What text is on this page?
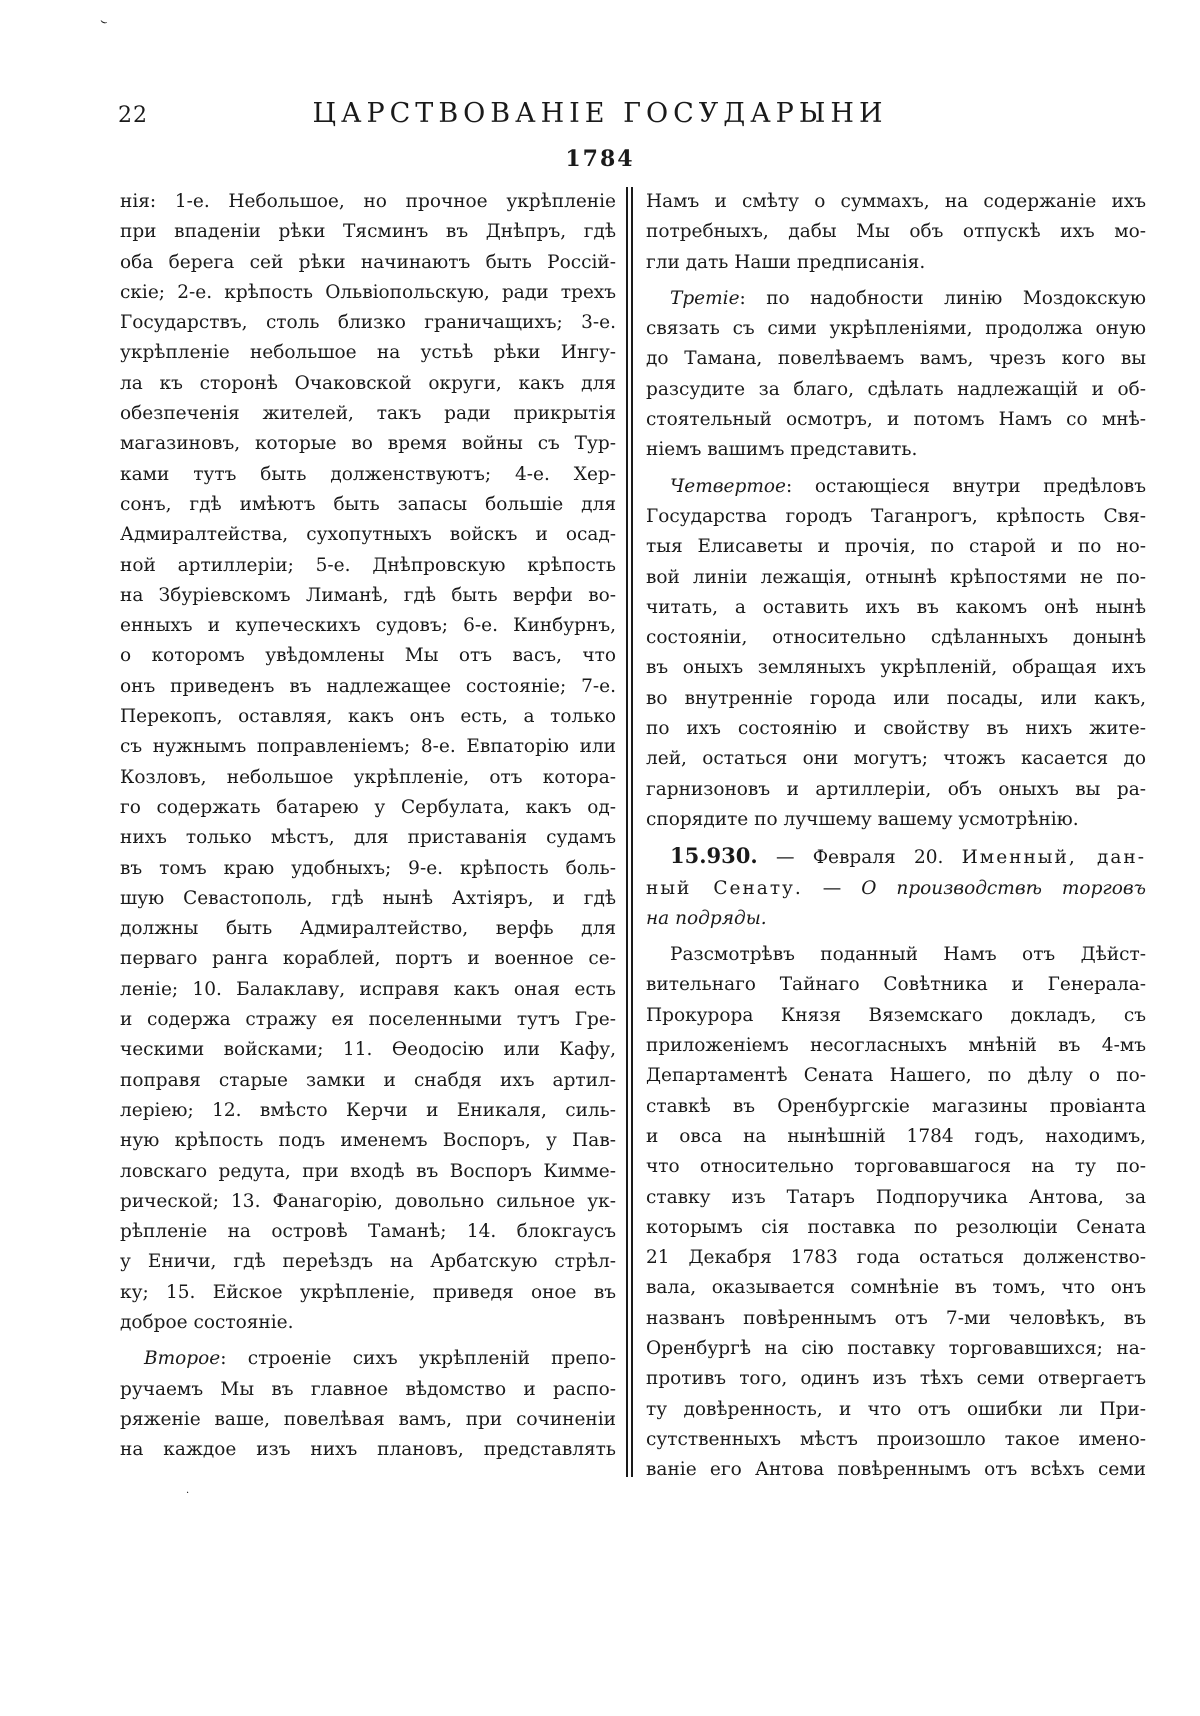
⌣
22	ЦАРСТВОВАНІЕ ГОСУДАРЫНИ
1784
нія: 1-е. Небольшое, но прочное укрѣпленіе
при впаденіи рѣки Тясминъ въ Днѣпръ, гдѣ
оба берега сей рѣки начинаютъ быть Россій-
скіе; 2-е. крѣпость Ольвіопольскую, ради трехъ
Государствъ, столь близко граничащихъ; 3-е.
укрѣпленіе небольшое на устьѣ рѣки Ингу-
ла къ сторонѣ Очаковской округи, какъ для
обезпеченія жителей, такъ ради прикрытія
магазиновъ, которые во время войны съ Тур-
ками тутъ быть долженствуютъ; 4-е. Хер-
сонъ, гдѣ имѣютъ быть запасы большіе для
Адмиралтейства, сухопутныхъ войскъ и осад-
ной артиллеріи; 5-е. Днѣпровскую крѣпость
на Збуріевскомъ Лиманѣ, гдѣ быть верфи во-
енныхъ и купеческихъ судовъ; 6-е. Кинбурнъ,
о которомъ увѣдомлены Мы отъ васъ, что
онъ приведенъ въ надлежащее состояніе; 7-е.
Перекопъ, оставляя, какъ онъ есть, а только
съ нужнымъ поправленіемъ; 8-е. Евпаторію или
Козловъ, небольшое укрѣпленіе, отъ котора-
го содержать батарею у Сербулата, какъ од-
нихъ только мѣстъ, для приставанія судамъ
въ томъ краю удобныхъ; 9-е. крѣпость боль-
шую Севастополь, гдѣ нынѣ Ахтіяръ, и гдѣ
должны быть Адмиралтейство, верфь для
перваго ранга кораблей, портъ и военное се-
леніе; 10. Балаклаву, исправя какъ оная есть
и содержа стражу ея поселенными тутъ Гре-
ческими войсками; 11. Ѳеодосію или Кафу,
поправя старые замки и снабдя ихъ артил-
леріею; 12. вмѣсто Керчи и Еникаля, силь-
ную крѣпость подъ именемъ Воспоръ, у Пав-
ловскаго редута, при входѣ въ Воспоръ Кимме-
рической; 13. Фанагорію, довольно сильное ук-
рѣпленіе на островѣ Таманѣ; 14. блокгаусъ
у Еничи, гдѣ переѣздъ на Арбатскую стрѣл-
ку; 15. Ейское укрѣпленіе, приведя оное въ
доброе состояніе.
Второе: строеніе сихъ укрѣпленій препо-
ручаемъ Мы въ главное вѣдомство и распо-
ряженіе ваше, повелѣвая вамъ, при сочиненіи
на каждое изъ нихъ плановъ, представлять
Намъ и смѣту о суммахъ, на содержаніе ихъ
потребныхъ, дабы Мы объ отпускѣ ихъ мо-
гли дать Наши предписанія.
Третіе: по надобности линію Моздокскую
связать съ сими укрѣпленіями, продолжа оную
до Тамана, повелѣваемъ вамъ, чрезъ кого вы
разсудите за благо, сдѣлать надлежащій и об-
стоятельный осмотръ, и потомъ Намъ со мнѣ-
ніемъ вашимъ представить.
Четвертое: остающіеся внутри предѣловъ
Государства городъ Таганрогъ, крѣпость Свя-
тыя Елисаветы и прочія, по старой и по но-
вой линіи лежащія, отнынѣ крѣпостями не по-
читать, а оставить ихъ въ какомъ онѣ нынѣ
состояніи, относительно сдѣланныхъ донынѣ
въ оныхъ земляныхъ укрѣпленій, обращая ихъ
во внутренніе города или посады, или какъ,
по ихъ состоянію и свойству въ нихъ жите-
лей, остаться они могутъ; чтожъ касается до
гарнизоновъ и артиллеріи, объ оныхъ вы ра-
спорядите по лучшему вашему усмотрѣнію.
15.930. — Февраля 20. Именный, дан-
ный Сенату. — О производствѣ торговъ
на подряды.
Разсмотрѣвъ поданный Намъ отъ Дѣйст-
вительнаго Тайнаго Совѣтника и Генерала-
Прокурора Князя Вяземскаго докладъ, съ
приложеніемъ несогласныхъ мнѣній въ 4-мъ
Департаментѣ Сената Нашего, по дѣлу о по-
ставкѣ въ Оренбургскіе магазины провіанта
и овса на нынѣшній 1784 годъ, находимъ,
что относительно торговавшагося на ту по-
ставку изъ Татаръ Подпоручика Антова, за
которымъ сія поставка по резолюціи Сената
21 Декабря 1783 года остаться долженство-
вала, оказывается сомнѣніе въ томъ, что онъ
названъ повѣреннымъ отъ 7-ми человѣкъ, въ
Оренбургѣ на сію поставку торговавшихся; на-
противъ того, одинъ изъ тѣхъ семи отвергаетъ
ту довѣренность, и что отъ ошибки ли При-
сутственныхъ мѣстъ произошло такое имено-
ваніе его Антова повѣреннымъ отъ всѣхъ семи
·
